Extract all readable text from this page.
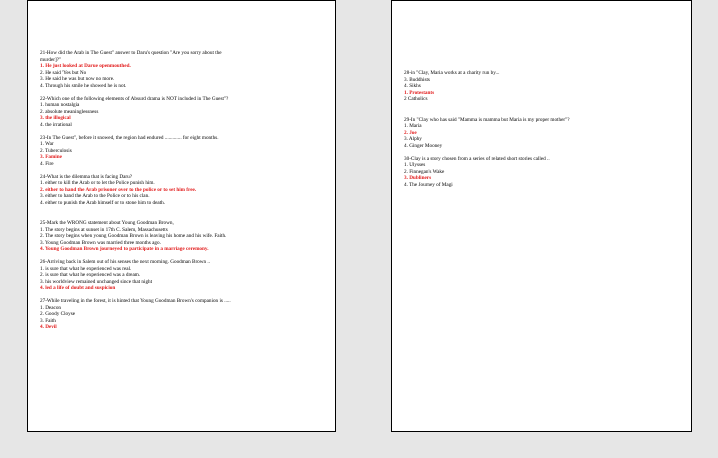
21-How did the Arab in The Guest" answer to Daru's question "Are you sorry about the
murder]?"
1. He just looked at Darue openmouthed.
2. He said 'Yes but No
3. He said he was but now no more.
4. Through his smile he showed he is not.
22-Which one of the following elements of Absurd drama is NOT included in The Guest"?
1. human nostalgia
2. absolute meaninglessness
3. the illogical
4. the irrational
23-In The Guest", before it snowed, the region had endured ............. for eight months.
1. War
2. Tuberculosis
3. Famine
4. Fire
24-What is the dilemma that is facing Daru?
1. either to kill the Arab or to let the Police punish him.
2. either to hand the Arab prisoner over to the police or to set him free.
3. either to hand the Arab to the Police or to his clan.
4. either to punish the Arab himself or to stone him to death.
25-Mark the WRONG statement about Young Goodman Brown,
1. The story begins at sunset in 17th C. Salem, Massachusetts
2. The story begins when young Goodman Brown is leaving his home and his wife. Faith.
3. Young Goodman Brown was married three months ago.
4. Young Goodman Brown journeyed to participate in a marriage ceremony.
26-Arriving back in Salem out of his senses the next morning. Goodman Brown ..
1. is sure that what he experienced was real.
2. is sure that what he experienced was a dream.
3. his worldview remained unchanged since that night
4. led a life of doubt and suspicion
27-While traveling in the forest, it is hinted that Young Goodman Brown's companion is .....
1. Deacon
2. Goody Cloyse
3. Faith
4. Devil
28-in "Clay, Maria works at a charity run by...
3. Buddhists
4. Sikhs
1. Protestants
2 Catholics
29-In "Clay who has said "Mamma is mamma but Maria is my proper mother"?
1. Maria
2. Joe
3. Alphy
4. Ginger Mooney
30-Clay is a story chosen from a series of related short stories called ..
1. Ulysses
2. Finnegan's Wake
3. Dubliners
4. The Journey of Magi
